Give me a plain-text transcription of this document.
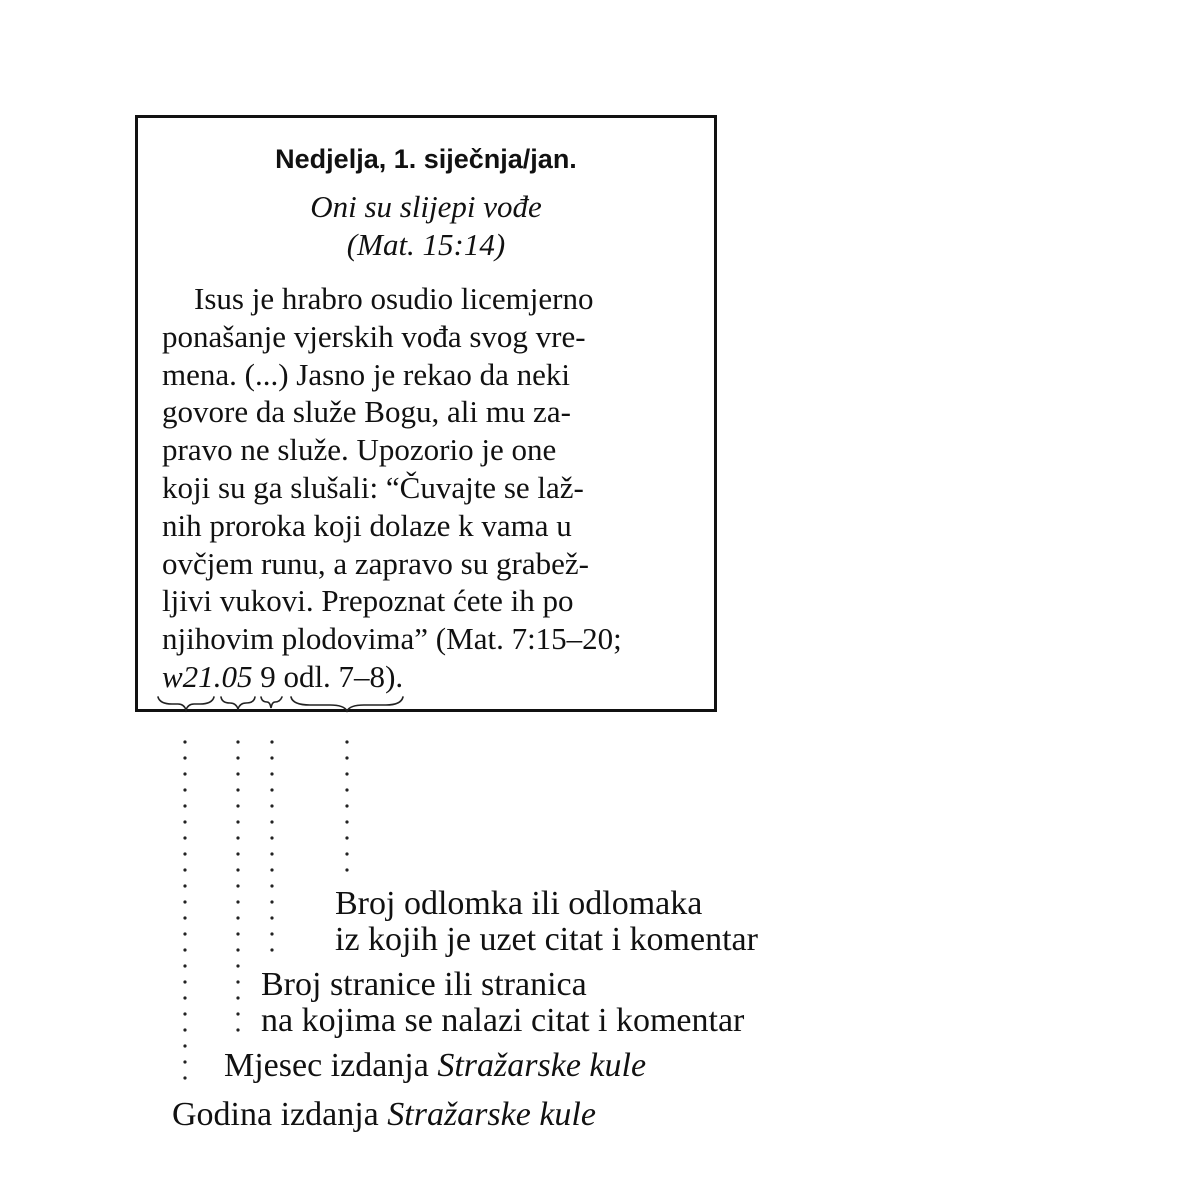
Nedjelja, 1. siječnja/jan.
Oni su slijepi vođe
(Mat. 15:14)
Isus je hrabro osudio licemjerno
ponašanje vjerskih vođa svog vre-
mena. (...) Jasno je rekao da neki
govore da služe Bogu, ali mu za-
pravo ne služe. Upozorio je one
koji su ga slušali: “Čuvajte se lаž-
nih proroka koji dolaze k vama u
ovčjem runu, a zapravo su grabež-
ljivi vukovi. Prepoznat ćete ih po
njihovim plodovima” (Mat. 7:15–20;
w21.05 9 odl. 7–8).
Broj odlomka ili odlomaka
iz kojih je uzet citat i komentar
Broj stranice ili stranica
na kojima se nalazi citat i komentar
Mjesec izdanja Stražarske kule
Godina izdanja Stražarske kule
